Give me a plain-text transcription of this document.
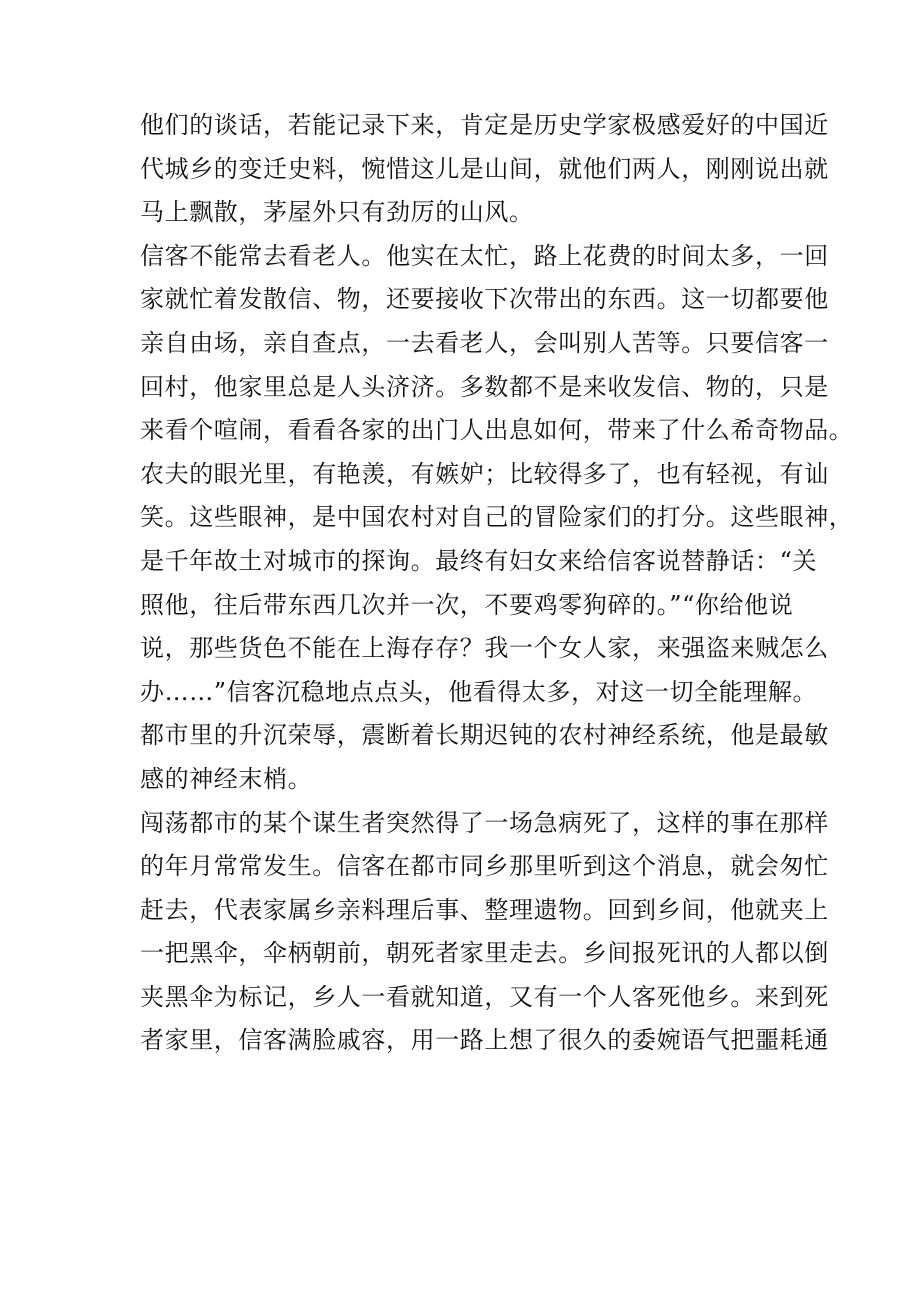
他们的谈话，若能记录下来，肯定是历史学家极感爱好的中国近
代城乡的变迁史料，惋惜这儿是山间，就他们两人，刚刚说出就
马上飘散，茅屋外只有劲厉的山风。
信客不能常去看老人。他实在太忙，路上花费的时间太多，一回
家就忙着发散信、物，还要接收下次带出的东西。这一切都要他
亲自由场，亲自查点，一去看老人，会叫别人苦等。只要信客一
回村，他家里总是人头济济。多数都不是来收发信、物的，只是
来看个喧闹，看看各家的出门人出息如何，带来了什么希奇物品。
农夫的眼光里，有艳羡，有嫉妒；比较得多了，也有轻视，有讪
笑。这些眼神，是中国农村对自己的冒险家们的打分。这些眼神，
是千年故土对城市的探询。最终有妇女来给信客说替静话：“关
照他，往后带东西几次并一次，不要鸡零狗碎的。”“你给他说
说，那些货色不能在上海存存？我一个女人家，来强盗来贼怎么
办……”信客沉稳地点点头，他看得太多，对这一切全能理解。
都市里的升沉荣辱，震断着长期迟钝的农村神经系统，他是最敏
感的神经末梢。
闯荡都市的某个谋生者突然得了一场急病死了，这样的事在那样
的年月常常发生。信客在都市同乡那里听到这个消息，就会匆忙
赶去，代表家属乡亲料理后事、整理遗物。回到乡间，他就夹上
一把黑伞，伞柄朝前，朝死者家里走去。乡间报死讯的人都以倒
夹黑伞为标记，乡人一看就知道，又有一个人客死他乡。来到死
者家里，信客满脸戚容，用一路上想了很久的委婉语气把噩耗通
